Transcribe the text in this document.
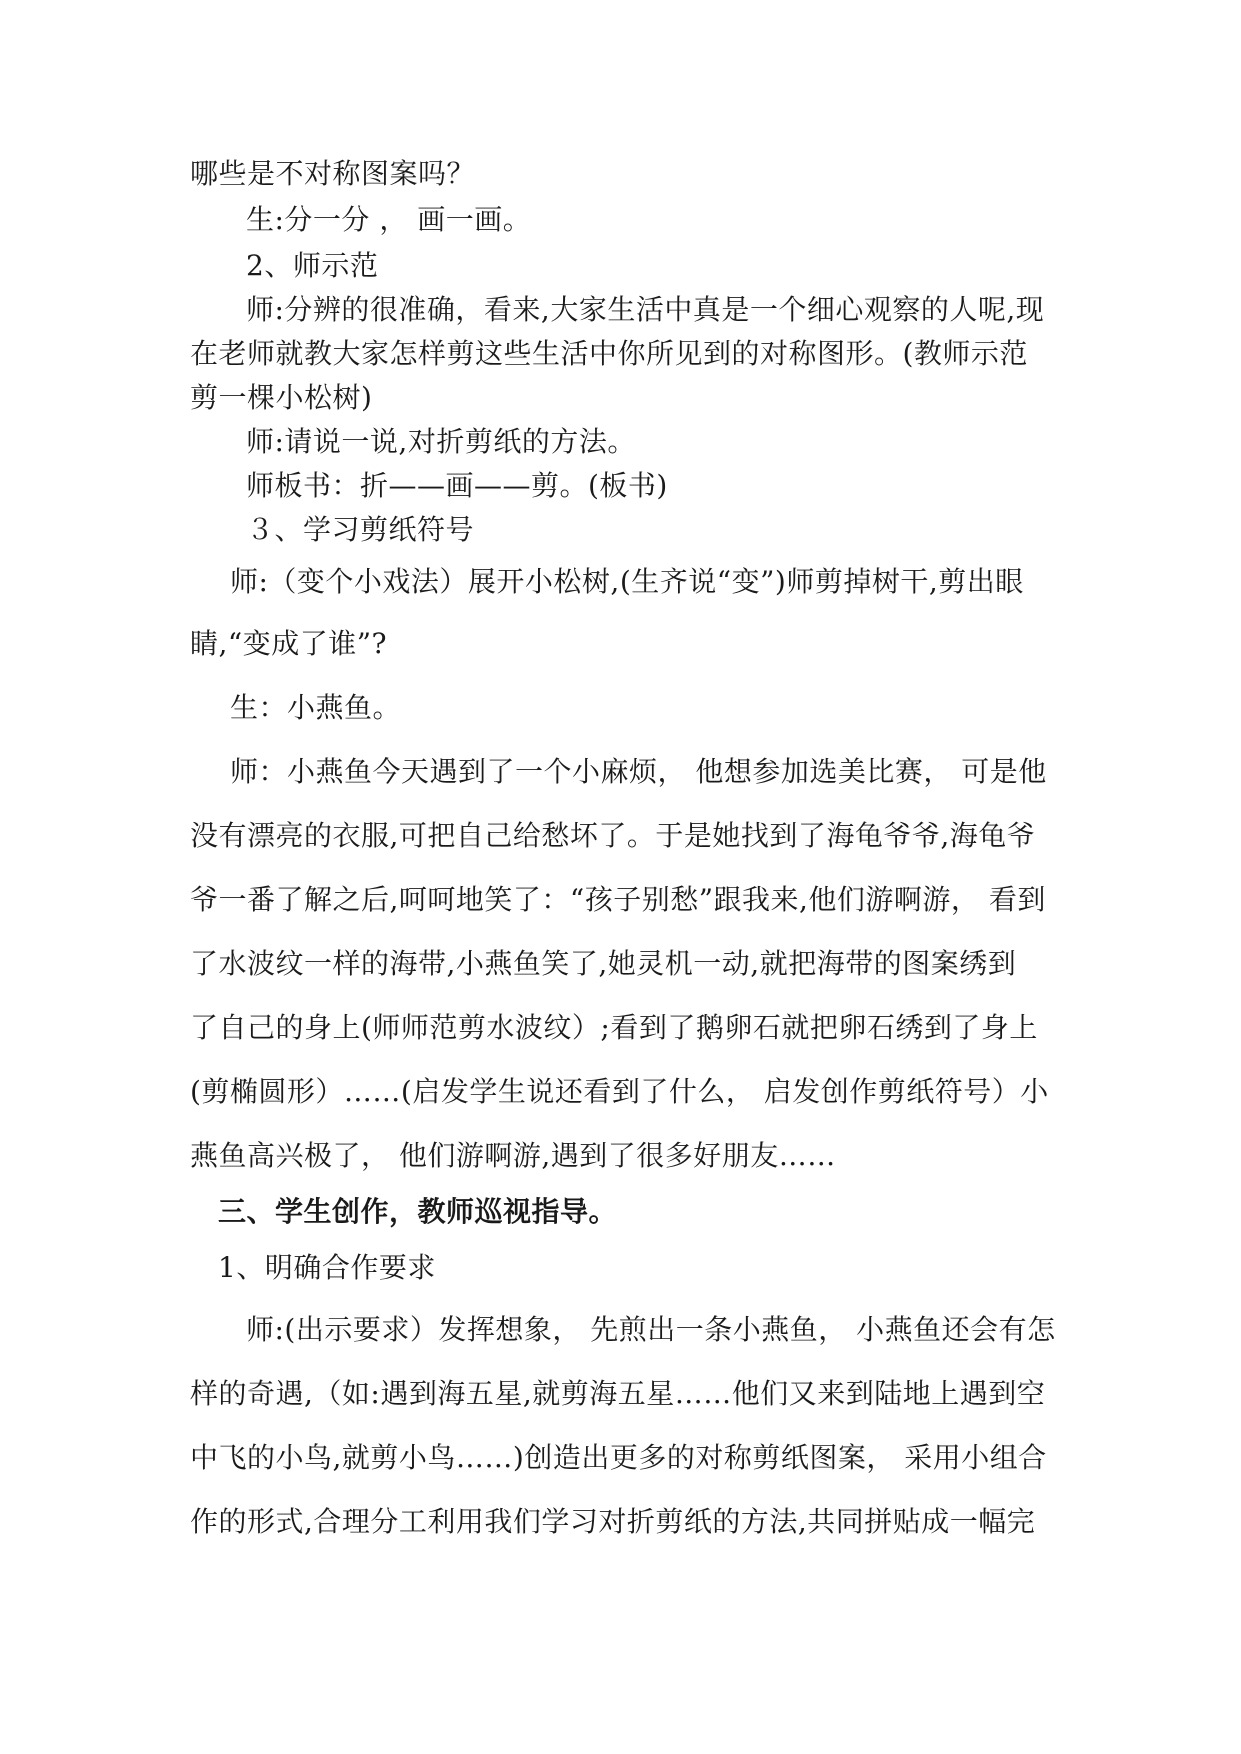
哪些是不对称图案吗？
生:分一分 ， 画一画。
2、师示范
师:分辨的很准确，看来,大家生活中真是一个细心观察的人呢,现
在老师就教大家怎样剪这些生活中你所见到的对称图形。(教师示范
剪一棵小松树)
师:请说一说,对折剪纸的方法。
师板书：折——画——剪。(板书)
３、学习剪纸符号
师:（变个小戏法）展开小松树,(生齐说“变”)师剪掉树干,剪出眼
睛,“变成了谁”?
生：小燕鱼。
师：小燕鱼今天遇到了一个小麻烦， 他想参加选美比赛， 可是他
没有漂亮的衣服,可把自己给愁坏了。于是她找到了海龟爷爷,海龟爷
爷一番了解之后,呵呵地笑了：“孩子别愁”跟我来,他们游啊游， 看到
了水波纹一样的海带,小燕鱼笑了,她灵机一动,就把海带的图案绣到
了自己的身上(师师范剪水波纹）;看到了鹅卵石就把卵石绣到了身上
(剪椭圆形）……(启发学生说还看到了什么， 启发创作剪纸符号）小
燕鱼高兴极了， 他们游啊游,遇到了很多好朋友……
三、学生创作，教师巡视指导。
1、明确合作要求
师:(出示要求）发挥想象， 先煎出一条小燕鱼， 小燕鱼还会有怎
样的奇遇,（如:遇到海五星,就剪海五星……他们又来到陆地上遇到空
中飞的小鸟,就剪小鸟……)创造出更多的对称剪纸图案， 采用小组合
作的形式,合理分工利用我们学习对折剪纸的方法,共同拼贴成一幅完
